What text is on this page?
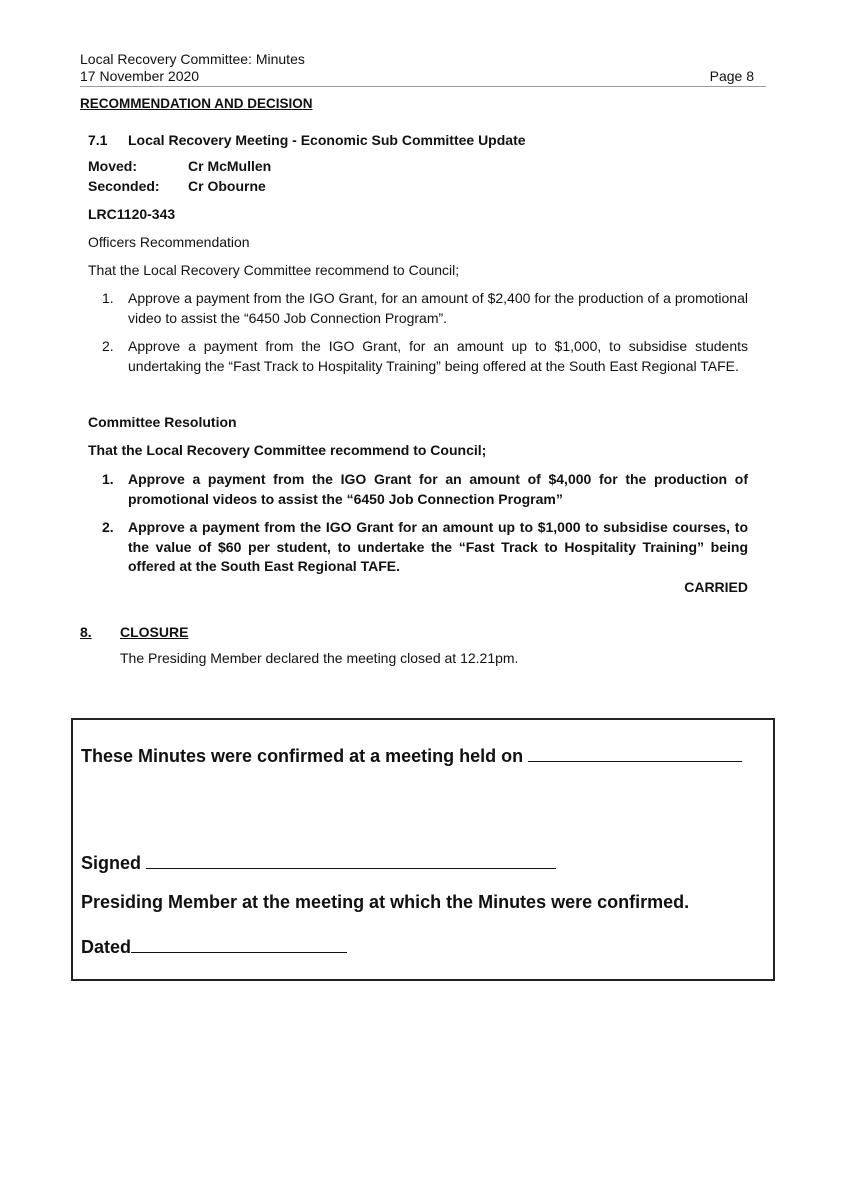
Local Recovery Committee: Minutes
17 November 2020	Page 8
RECOMMENDATION AND DECISION
7.1 Local Recovery Meeting - Economic Sub Committee Update
Moved:	Cr McMullen
Seconded: Cr Obourne
LRC1120-343
Officers Recommendation
That the Local Recovery Committee recommend to Council;
1. Approve a payment from the IGO Grant, for an amount of $2,400 for the production of a promotional video to assist the “6450 Job Connection Program”.
2. Approve a payment from the IGO Grant, for an amount up to $1,000, to subsidise students undertaking the “Fast Track to Hospitality Training” being offered at the South East Regional TAFE.
Committee Resolution
That the Local Recovery Committee recommend to Council;
1. Approve a payment from the IGO Grant for an amount of $4,000 for the production of promotional videos to assist the “6450 Job Connection Program”
2. Approve a payment from the IGO Grant for an amount up to $1,000 to subsidise courses, to the value of $60 per student, to undertake the “Fast Track to Hospitality Training” being offered at the South East Regional TAFE.
CARRIED
8. CLOSURE
The Presiding Member declared the meeting closed at 12.21pm.
These Minutes were confirmed at a meeting held on
Signed
Presiding Member at the meeting at which the Minutes were confirmed.
Dated
